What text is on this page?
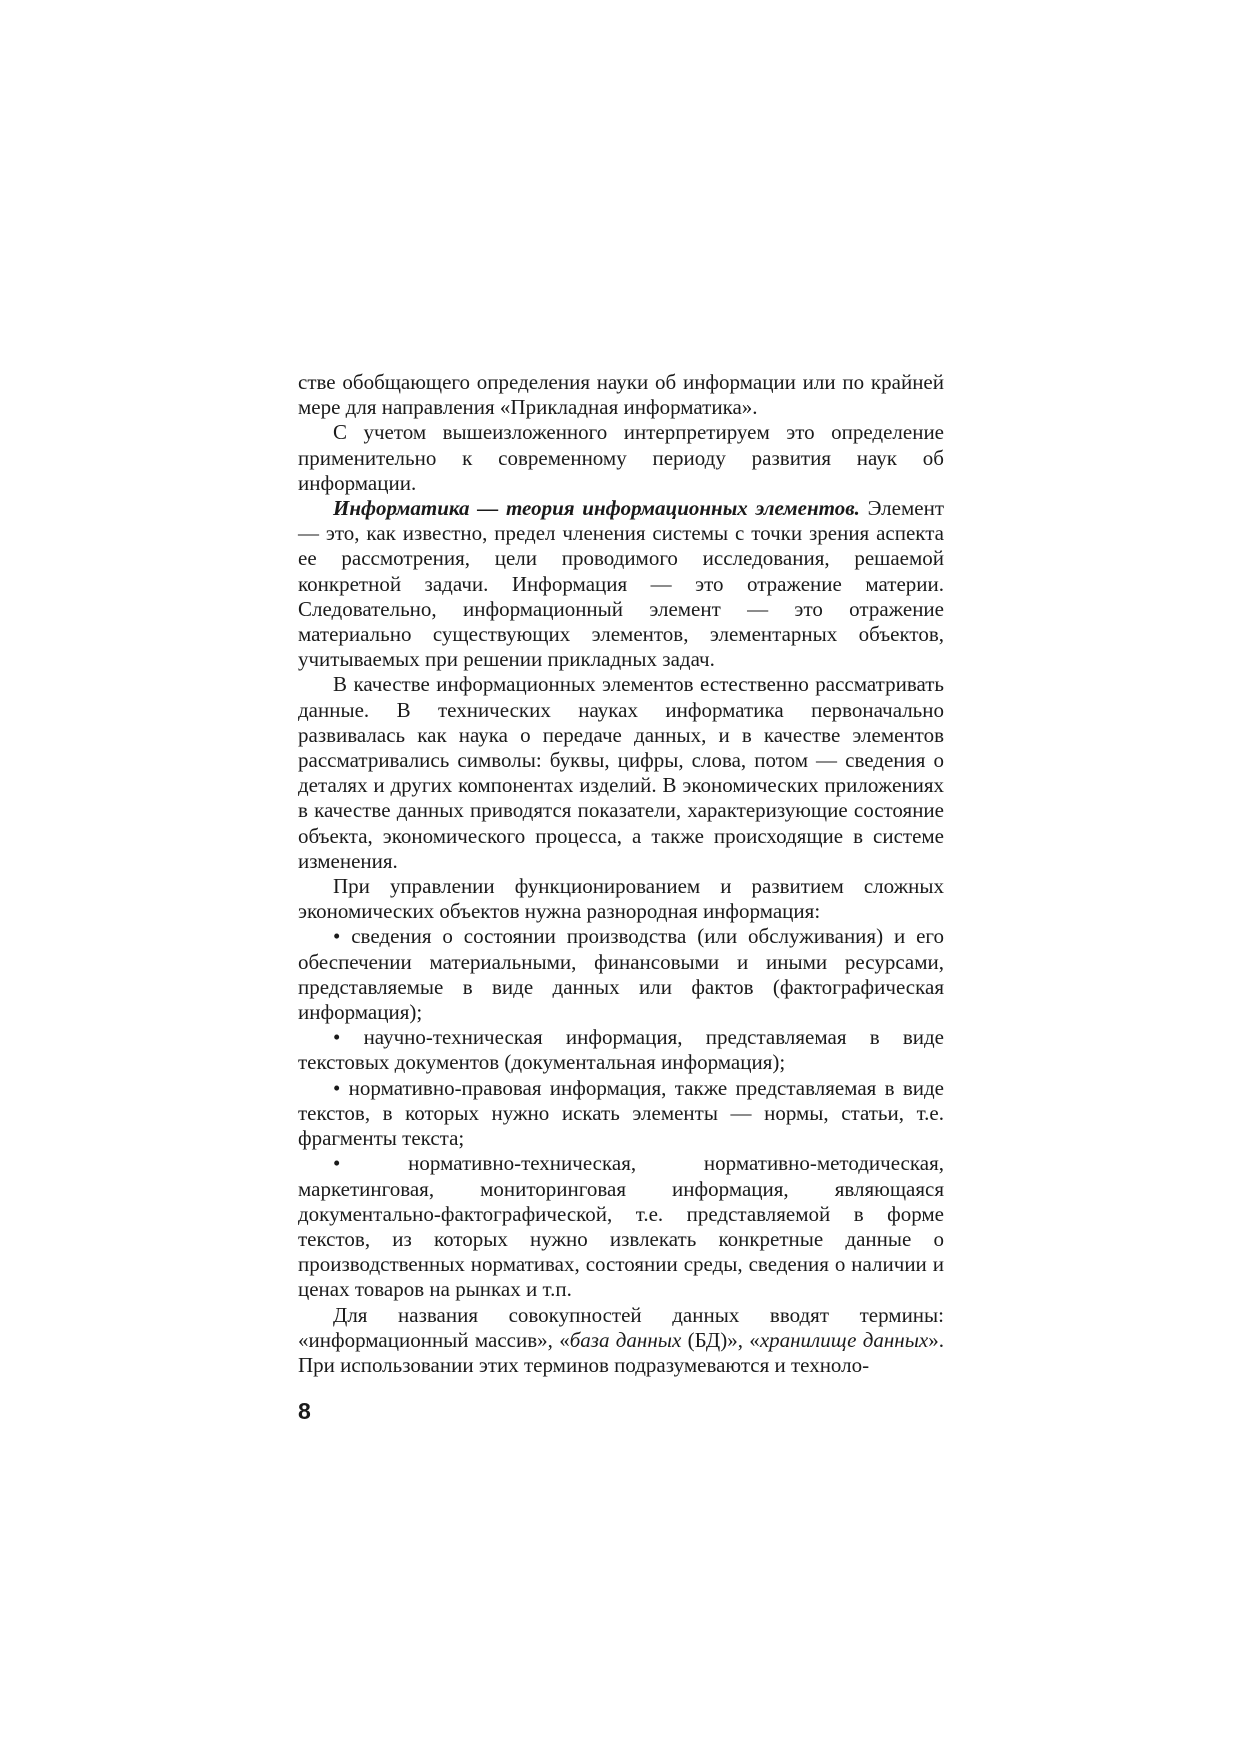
стве обобщающего определения науки об информации или по крайней мере для направления «Прикладная информатика».

С учетом вышеизложенного интерпретируем это определение применительно к современному периоду развития наук об информации.

Информатика — теория информационных элементов. Элемент — это, как известно, предел членения системы с точки зрения аспекта ее рассмотрения, цели проводимого исследования, решаемой конкретной задачи. Информация — это отражение материи. Следовательно, информационный элемент — это отражение материально существующих элементов, элементарных объектов, учитываемых при решении прикладных задач.

В качестве информационных элементов естественно рассматривать данные. В технических науках информатика первоначально развивалась как наука о передаче данных, и в качестве элементов рассматривались символы: буквы, цифры, слова, потом — сведения о деталях и других компонентах изделий. В экономических приложениях в качестве данных приводятся показатели, характеризующие состояние объекта, экономического процесса, а также происходящие в системе изменения.

При управлении функционированием и развитием сложных экономических объектов нужна разнородная информация:

• сведения о состоянии производства (или обслуживания) и его обеспечении материальными, финансовыми и иными ресурсами, представляемые в виде данных или фактов (фактографическая информация);

• научно-техническая информация, представляемая в виде текстовых документов (документальная информация);

• нормативно-правовая информация, также представляемая в виде текстов, в которых нужно искать элементы — нормы, статьи, т.е. фрагменты текста;

• нормативно-техническая, нормативно-методическая, маркетинговая, мониторинговая информация, являющаяся документально-фактографической, т.е. представляемой в форме текстов, из которых нужно извлекать конкретные данные о производственных нормативах, состоянии среды, сведения о наличии и ценах товаров на рынках и т.п.

Для названия совокупностей данных вводят термины: «информационный массив», «база данных (БД)», «хранилище данных». При использовании этих терминов подразумеваются и техноло-

8
